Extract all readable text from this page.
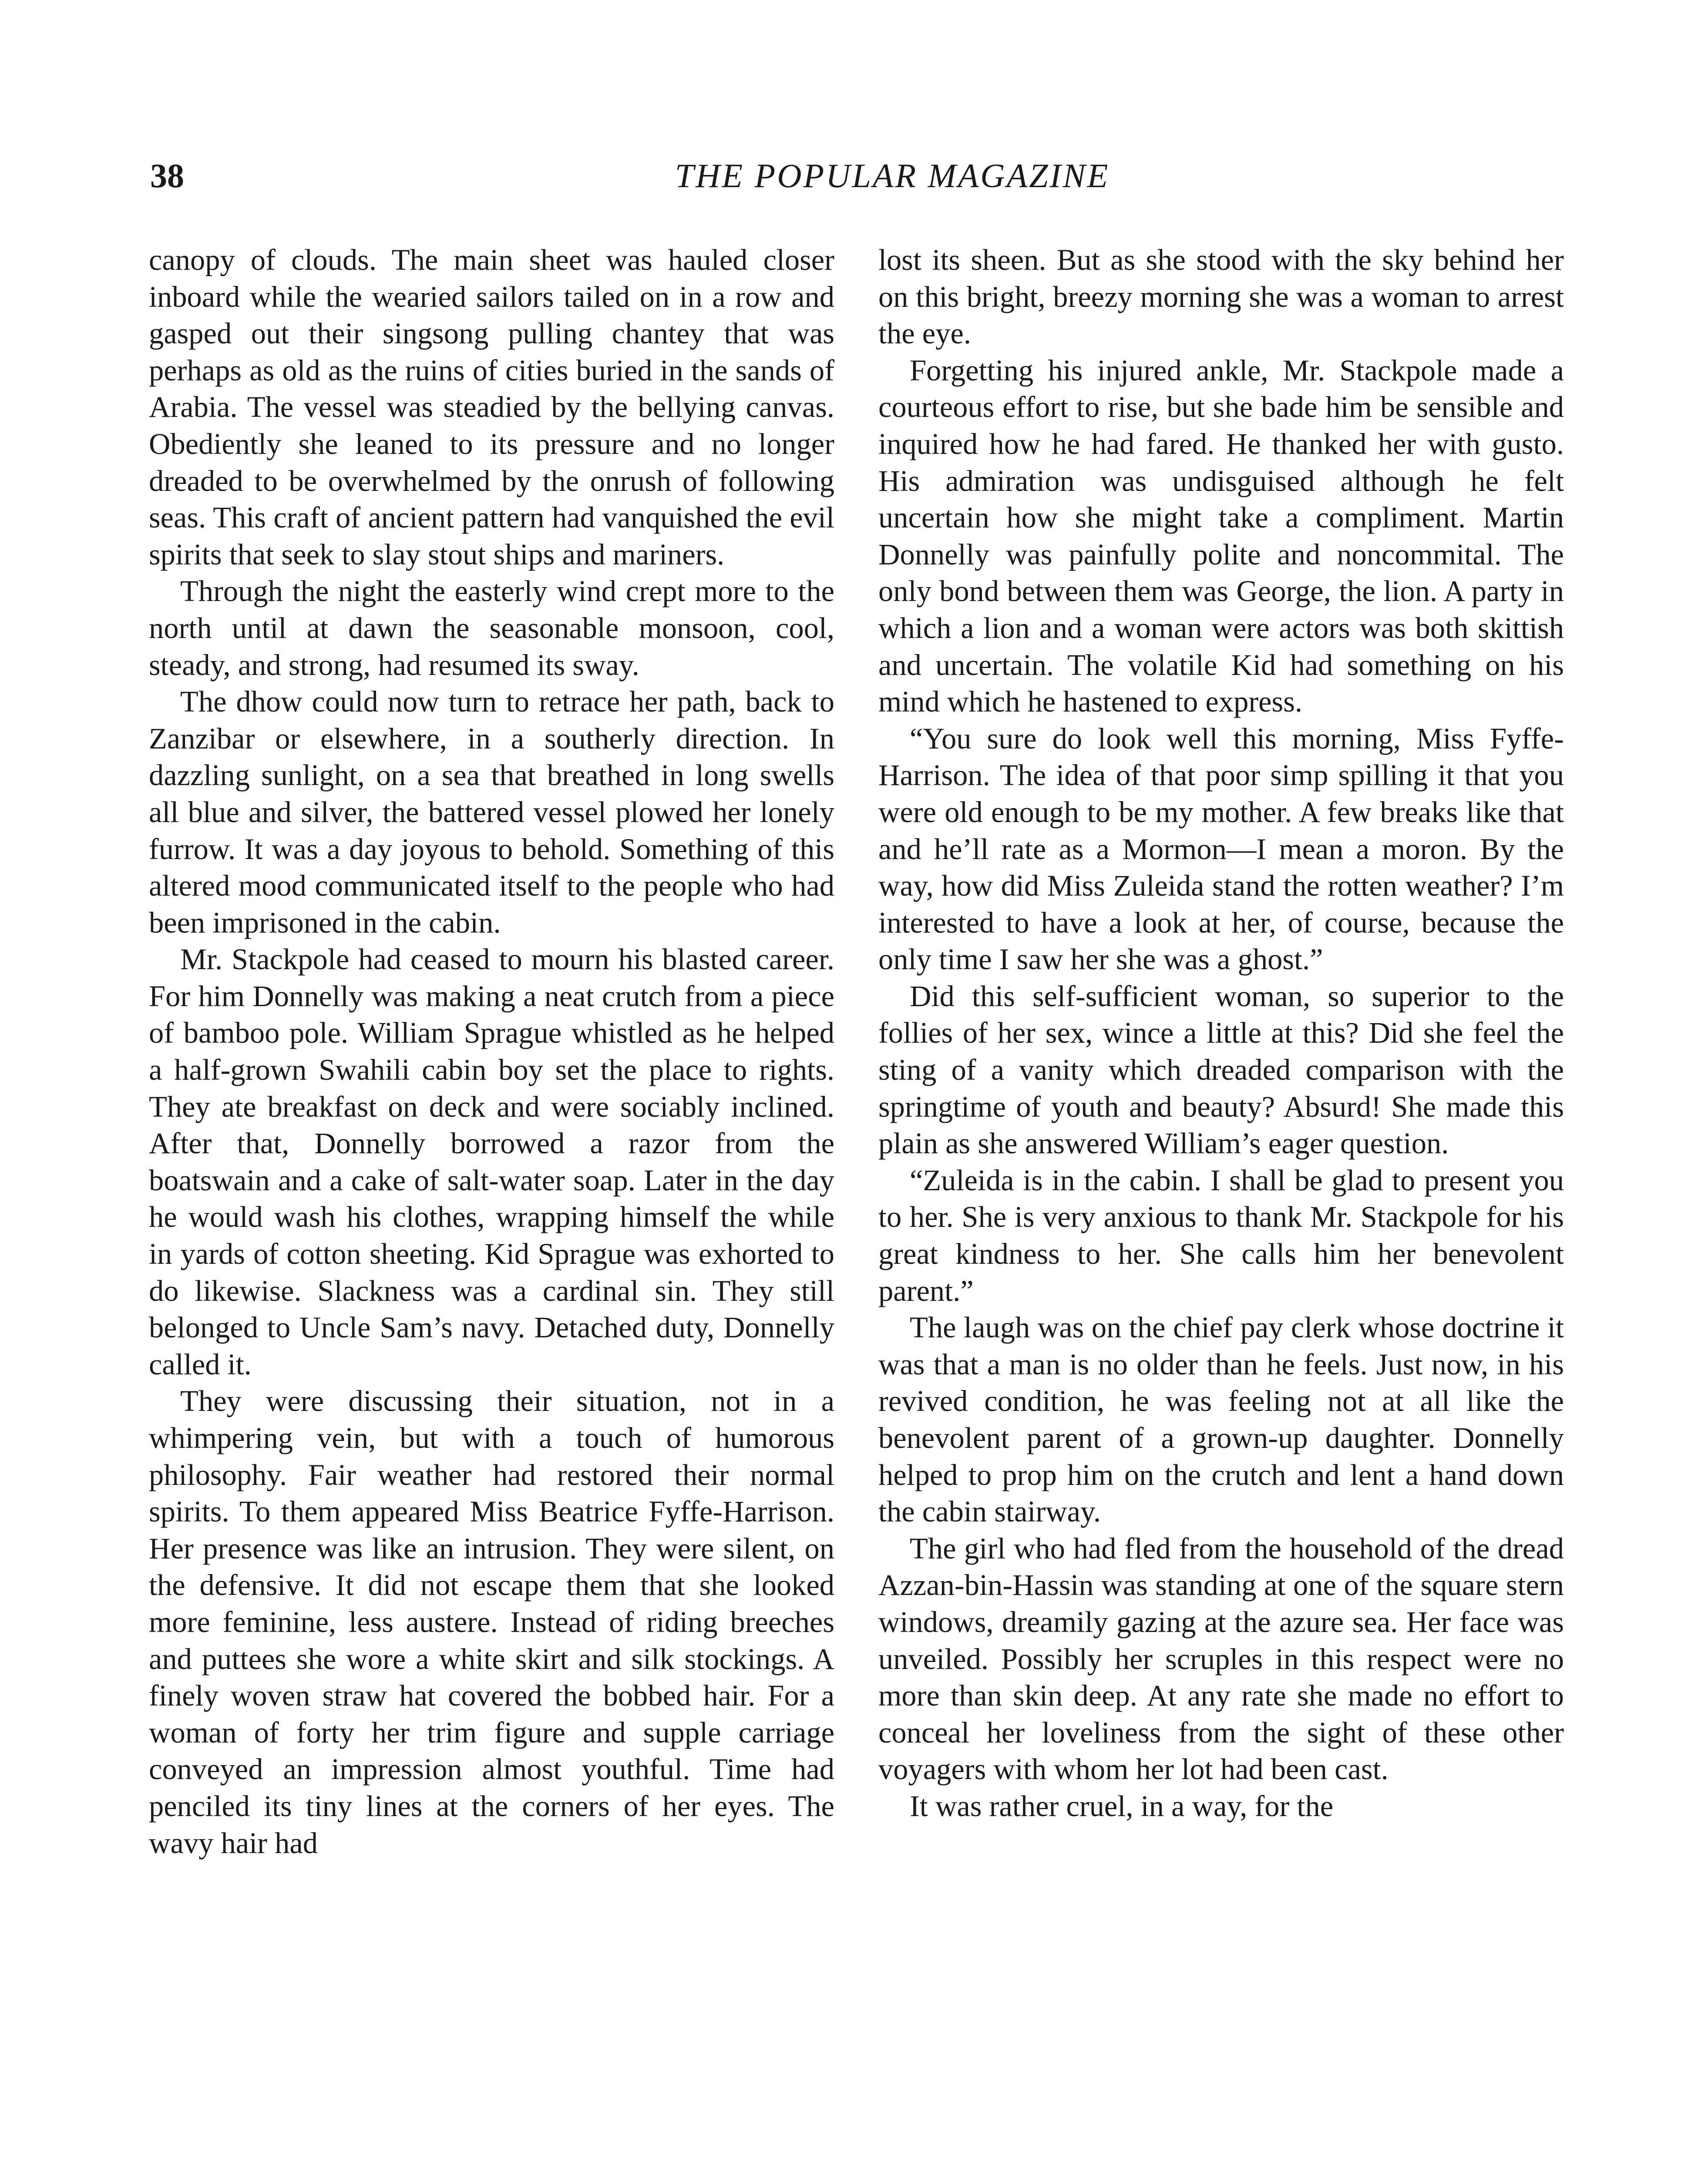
38	THE POPULAR MAGAZINE

canopy of clouds. The main sheet was hauled closer inboard while the wearied sailors tailed on in a row and gasped out their singsong pulling chantey that was perhaps as old as the ruins of cities buried in the sands of Arabia. The vessel was steadied by the bellying canvas. Obediently she leaned to its pressure and no longer dreaded to be overwhelmed by the onrush of following seas. This craft of ancient pattern had vanquished the evil spirits that seek to slay stout ships and mariners.

Through the night the easterly wind crept more to the north until at dawn the seasonable monsoon, cool, steady, and strong, had resumed its sway.

The dhow could now turn to retrace her path, back to Zanzibar or elsewhere, in a southerly direction. In dazzling sunlight, on a sea that breathed in long swells all blue and silver, the battered vessel plowed her lonely furrow. It was a day joyous to behold. Something of this altered mood communicated itself to the people who had been imprisoned in the cabin.

Mr. Stackpole had ceased to mourn his blasted career. For him Donnelly was making a neat crutch from a piece of bamboo pole. William Sprague whistled as he helped a half-grown Swahili cabin boy set the place to rights. They ate breakfast on deck and were sociably inclined. After that, Donnelly borrowed a razor from the boatswain and a cake of salt-water soap. Later in the day he would wash his clothes, wrapping himself the while in yards of cotton sheeting. Kid Sprague was exhorted to do likewise. Slackness was a cardinal sin. They still belonged to Uncle Sam’s navy. Detached duty, Donnelly called it.

They were discussing their situation, not in a whimpering vein, but with a touch of humorous philosophy. Fair weather had restored their normal spirits. To them appeared Miss Beatrice Fyffe-Harrison. Her presence was like an intrusion. They were silent, on the defensive. It did not escape them that she looked more feminine, less austere. Instead of riding breeches and puttees she wore a white skirt and silk stockings. A finely woven straw hat covered the bobbed hair. For a woman of forty her trim figure and supple carriage conveyed an impression almost youthful. Time had penciled its tiny lines at the corners of her eyes. The wavy hair had

lost its sheen. But as she stood with the sky behind her on this bright, breezy morning she was a woman to arrest the eye.

Forgetting his injured ankle, Mr. Stackpole made a courteous effort to rise, but she bade him be sensible and inquired how he had fared. He thanked her with gusto. His admiration was undisguised although he felt uncertain how she might take a compliment. Martin Donnelly was painfully polite and noncommital. The only bond between them was George, the lion. A party in which a lion and a woman were actors was both skittish and uncertain. The volatile Kid had something on his mind which he hastened to express.

“You sure do look well this morning, Miss Fyffe-Harrison. The idea of that poor simp spilling it that you were old enough to be my mother. A few breaks like that and he’ll rate as a Mormon—I mean a moron. By the way, how did Miss Zuleida stand the rotten weather? I’m interested to have a look at her, of course, because the only time I saw her she was a ghost.”

Did this self-sufficient woman, so superior to the follies of her sex, wince a little at this? Did she feel the sting of a vanity which dreaded comparison with the springtime of youth and beauty? Absurd! She made this plain as she answered William’s eager question.

“Zuleida is in the cabin. I shall be glad to present you to her. She is very anxious to thank Mr. Stackpole for his great kindness to her. She calls him her benevolent parent.”

The laugh was on the chief pay clerk whose doctrine it was that a man is no older than he feels. Just now, in his revived condition, he was feeling not at all like the benevolent parent of a grown-up daughter. Donnelly helped to prop him on the crutch and lent a hand down the cabin stairway.

The girl who had fled from the household of the dread Azzan-bin-Hassin was standing at one of the square stern windows, dreamily gazing at the azure sea. Her face was unveiled. Possibly her scruples in this respect were no more than skin deep. At any rate she made no effort to conceal her loveliness from the sight of these other voyagers with whom her lot had been cast.

It was rather cruel, in a way, for the
